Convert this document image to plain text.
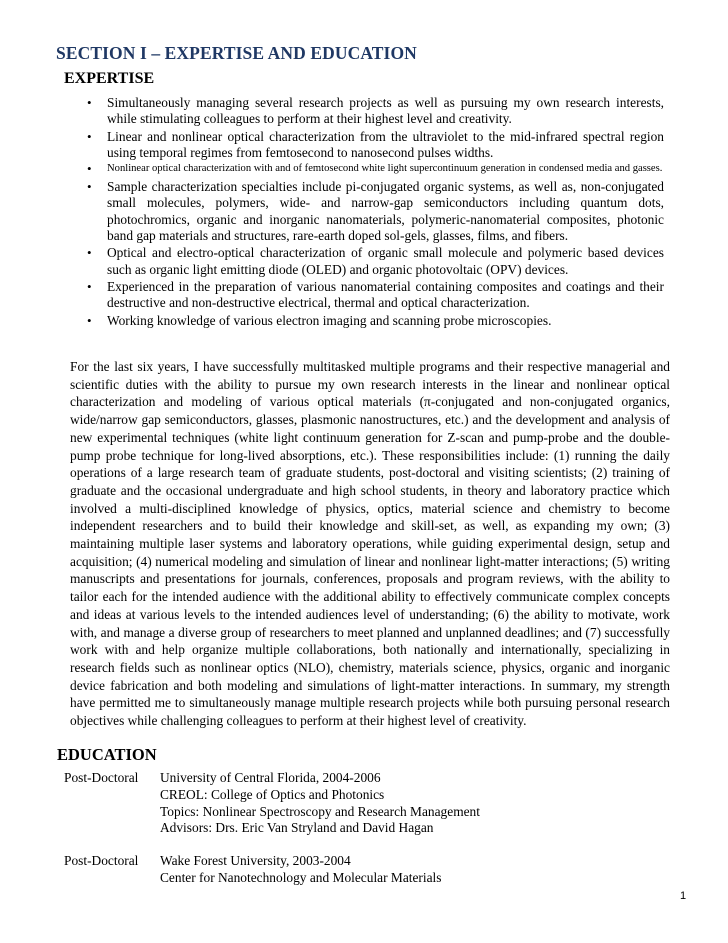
SECTION I – EXPERTISE AND EDUCATION
EXPERTISE
• Simultaneously managing several research projects as well as pursuing my own research interests, while stimulating colleagues to perform at their highest level and creativity.
• Linear and nonlinear optical characterization from the ultraviolet to the mid-infrared spectral region using temporal regimes from femtosecond to nanosecond pulses widths.
• Nonlinear optical characterization with and of femtosecond white light supercontinuum generation in condensed media and gasses.
• Sample characterization specialties include pi-conjugated organic systems, as well as, non-conjugated small molecules, polymers, wide- and narrow-gap semiconductors including quantum dots, photochromics, organic and inorganic nanomaterials, polymeric-nanomaterial composites, photonic band gap materials and structures, rare-earth doped sol-gels, glasses, films, and fibers.
• Optical and electro-optical characterization of organic small molecule and polymeric based devices such as organic light emitting diode (OLED) and organic photovoltaic (OPV) devices.
• Experienced in the preparation of various nanomaterial containing composites and coatings and their destructive and non-destructive electrical, thermal and optical characterization.
• Working knowledge of various electron imaging and scanning probe microscopies.

For the last six years, I have successfully multitasked multiple programs and their respective managerial and scientific duties with the ability to pursue my own research interests in the linear and nonlinear optical characterization and modeling of various optical materials (π-conjugated and non-conjugated organics, wide/narrow gap semiconductors, glasses, plasmonic nanostructures, etc.) and the development and analysis of new experimental techniques (white light continuum generation for Z-scan and pump-probe and the double-pump probe technique for long-lived absorptions, etc.). These responsibilities include: (1) running the daily operations of a large research team of graduate students, post-doctoral and visiting scientists; (2) training of graduate and the occasional undergraduate and high school students, in theory and laboratory practice which involved a multi-disciplined knowledge of physics, optics, material science and chemistry to become independent researchers and to build their knowledge and skill-set, as well, as expanding my own; (3) maintaining multiple laser systems and laboratory operations, while guiding experimental design, setup and acquisition; (4) numerical modeling and simulation of linear and nonlinear light-matter interactions; (5) writing manuscripts and presentations for journals, conferences, proposals and program reviews, with the ability to tailor each for the intended audience with the additional ability to effectively communicate complex concepts and ideas at various levels to the intended audiences level of understanding; (6) the ability to motivate, work with, and manage a diverse group of researchers to meet planned and unplanned deadlines; and (7) successfully work with and help organize multiple collaborations, both nationally and internationally, specializing in research fields such as nonlinear optics (NLO), chemistry, materials science, physics, organic and inorganic device fabrication and both modeling and simulations of light-matter interactions. In summary, my strength have permitted me to simultaneously manage multiple research projects while both pursuing personal research objectives while challenging colleagues to perform at their highest level of creativity.

EDUCATION
Post-Doctoral University of Central Florida, 2004-2006
CREOL: College of Optics and Photonics
Topics: Nonlinear Spectroscopy and Research Management
Advisors: Drs. Eric Van Stryland and David Hagan
Post-Doctoral Wake Forest University, 2003-2004
Center for Nanotechnology and Molecular Materials
1
